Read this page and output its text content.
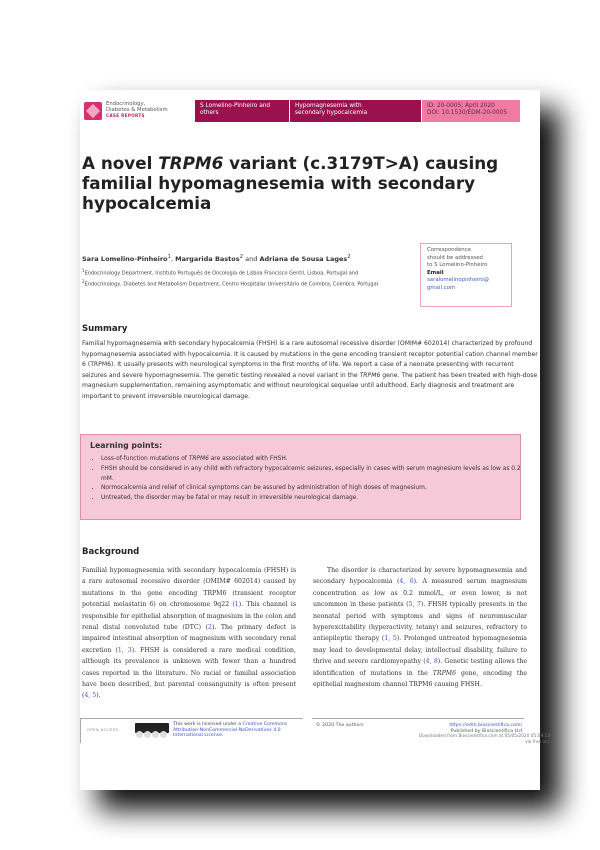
Endocrinology,
Diabetes & Metabolism
CASE REPORTS
S Lomelino-Pinheiro and
others
Hypomagnesemia with
secondary hypocalcemia
ID: 20-0005; April 2020
DOI: 10.1530/EDM-20-0005
A novel TRPM6 variant (c.3179T>A) causing familial hypomagnesemia with secondary hypocalcemia
Sara Lomelino-Pinheiro$^1$, Margarida Bastos$^2$ and Adriana de Sousa Lages$^2$
$^1$Endocrinology Department, Instituto Português de Oncologia de Lisboa Francisco Gentil, Lisboa, Portugal and
$^2$Endocrinology, Diabetes and Metabolism Department, Centro Hospitalar Universitário de Coimbra, Coimbra, Portugal
Correspondence
should be addressed
to S Lomelino-Pinheiro
Email
saralomelinopinheiro@
gmail.com
Summary
Familial hypomagnesemia with secondary hypocalcemia (FHSH) is a rare autosomal recessive disorder (OMIM# 602014) characterized by profound hypomagnesemia associated with hypocalcemia. It is caused by mutations in the gene encoding transient receptor potential cation channel member 6 (TRPM6). It usually presents with neurological symptoms in the first months of life. We report a case of a neonate presenting with recurrent seizures and severe hypomagnesemia. The genetic testing revealed a novel variant in the TRPM6 gene. The patient has been treated with high-dose magnesium supplementation, remaining asymptomatic and without neurological sequelae until adulthood. Early diagnosis and treatment are important to prevent irreversible neurological damage.
Learning points:
• Loss-of-function mutations of TRPM6 are associated with FHSH.
• FHSH should be considered in any child with refractory hypocalcemic seizures, especially in cases with serum magnesium levels as low as 0.2 mM.
• Normocalcemia and relief of clinical symptoms can be assured by administration of high doses of magnesium.
• Untreated, the disorder may be fatal or may result in irreversible neurological damage.
Background
Familial hypomagnesemia with secondary hypocalcemia (FHSH) is a rare autosomal recessive disorder (OMIM# 602014) caused by mutations in the gene encoding TRPM6 (transient receptor potential melastatin 6) on chromosome 9q22 (1). This channel is responsible for epithelial absorption of magnesium in the colon and renal distal convoluted tube (DTC) (2). The primary defect is impaired intestinal absorption of magnesium with secondary renal excretion (1, 3). FHSH is considered a rare medical condition, although its prevalence is unknown with fewer than a hundred cases reported in the literature. No racial or familial association have been described, but parental consanguinity is often present (4, 5).
The disorder is characterized by severe hypomagnesemia and secondary hypocalcemia (4, 6). A measured serum magnesium concentration as low as 0.2 mmol/L, or even lower, is not uncommon in these patients (5, 7). FHSH typically presents in the neonatal period with symptoms and signs of neuromuscular hyperexcitability (hyperactivity, tetany) and seizures, refractory to antiepileptic therapy (1, 5). Prolonged untreated hypomagnesemia may lead to developmental delay, intellectual disability, failure to thrive and severe cardiomyopathy (4, 8). Genetic testing allows the identification of mutations in the TRPM6 gene, encoding the epithelial magnesium channel TRPM6 causing FHSH.
OPEN ACCESS
This work is licensed under a Creative Commons Attribution-NonCommercial-NoDerivatives 4.0 International License.
© 2020 The authors	https://edm.bioscientifica.com/
Published by Bioscientifica Ltd
Downloaded from Bioscientifica.com at 05/05/2020 05:09:13
via free acc
